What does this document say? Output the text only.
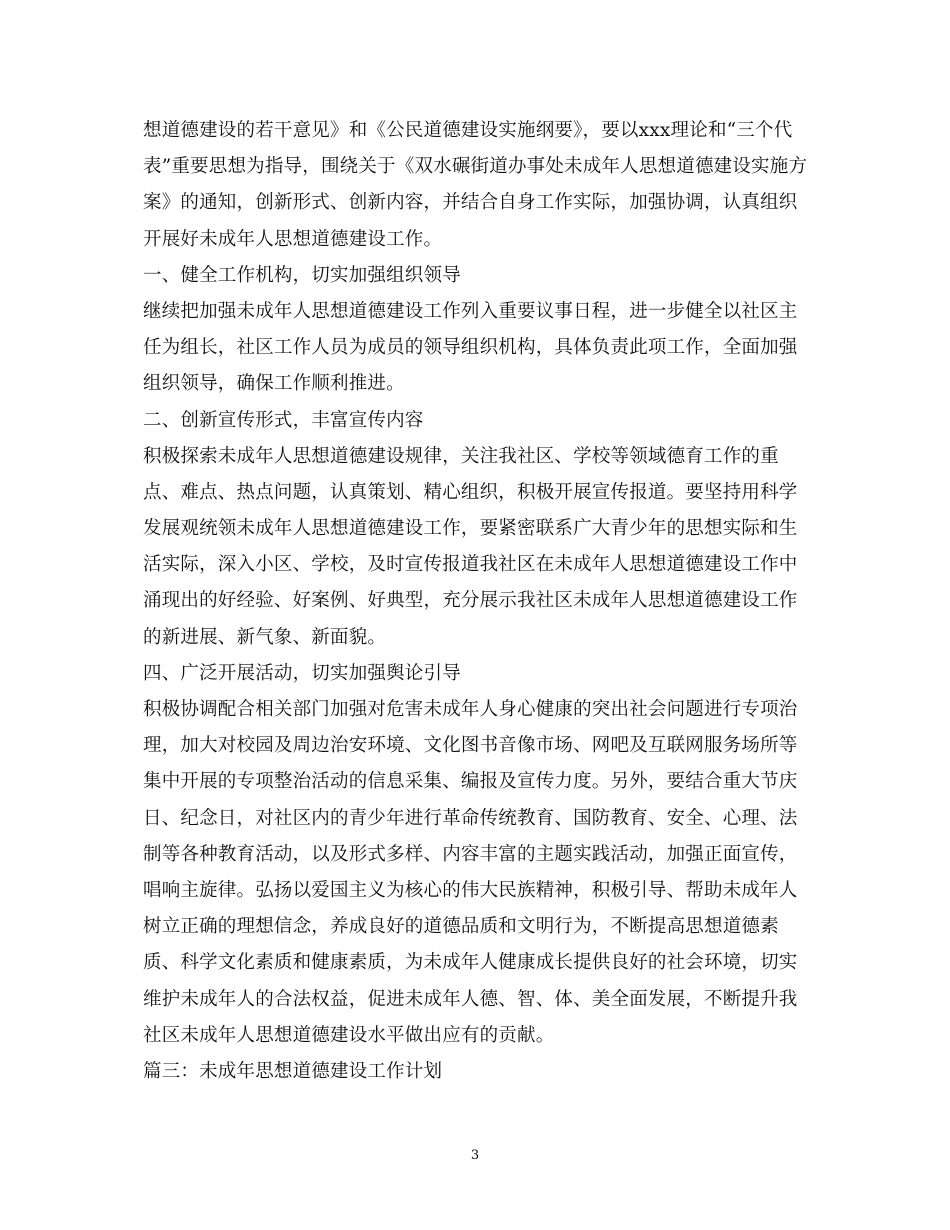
想道德建设的若干意见》和《公民道德建设实施纲要》，要以xxx理论和“三个代
表”重要思想为指导，围绕关于《双水碾街道办事处未成年人思想道德建设实施方
案》的通知，创新形式、创新内容，并结合自身工作实际，加强协调，认真组织
开展好未成年人思想道德建设工作。
一、健全工作机构，切实加强组织领导
继续把加强未成年人思想道德建设工作列入重要议事日程，进一步健全以社区主
任为组长，社区工作人员为成员的领导组织机构，具体负责此项工作，全面加强
组织领导，确保工作顺利推进。
二、创新宣传形式，丰富宣传内容
积极探索未成年人思想道德建设规律，关注我社区、学校等领域德育工作的重
点、难点、热点问题，认真策划、精心组织，积极开展宣传报道。要坚持用科学
发展观统领未成年人思想道德建设工作，要紧密联系广大青少年的思想实际和生
活实际，深入小区、学校，及时宣传报道我社区在未成年人思想道德建设工作中
涌现出的好经验、好案例、好典型，充分展示我社区未成年人思想道德建设工作
的新进展、新气象、新面貌。
四、广泛开展活动，切实加强舆论引导
积极协调配合相关部门加强对危害未成年人身心健康的突出社会问题进行专项治
理，加大对校园及周边治安环境、文化图书音像市场、网吧及互联网服务场所等
集中开展的专项整治活动的信息采集、编报及宣传力度。另外，要结合重大节庆
日、纪念日，对社区内的青少年进行革命传统教育、国防教育、安全、心理、法
制等各种教育活动，以及形式多样、内容丰富的主题实践活动，加强正面宣传，
唱响主旋律。弘扬以爱国主义为核心的伟大民族精神，积极引导、帮助未成年人
树立正确的理想信念，养成良好的道德品质和文明行为，不断提高思想道德素
质、科学文化素质和健康素质，为未成年人健康成长提供良好的社会环境，切实
维护未成年人的合法权益，促进未成年人德、智、体、美全面发展，不断提升我
社区未成年人思想道德建设水平做出应有的贡献。
篇三：未成年思想道德建设工作计划
3
